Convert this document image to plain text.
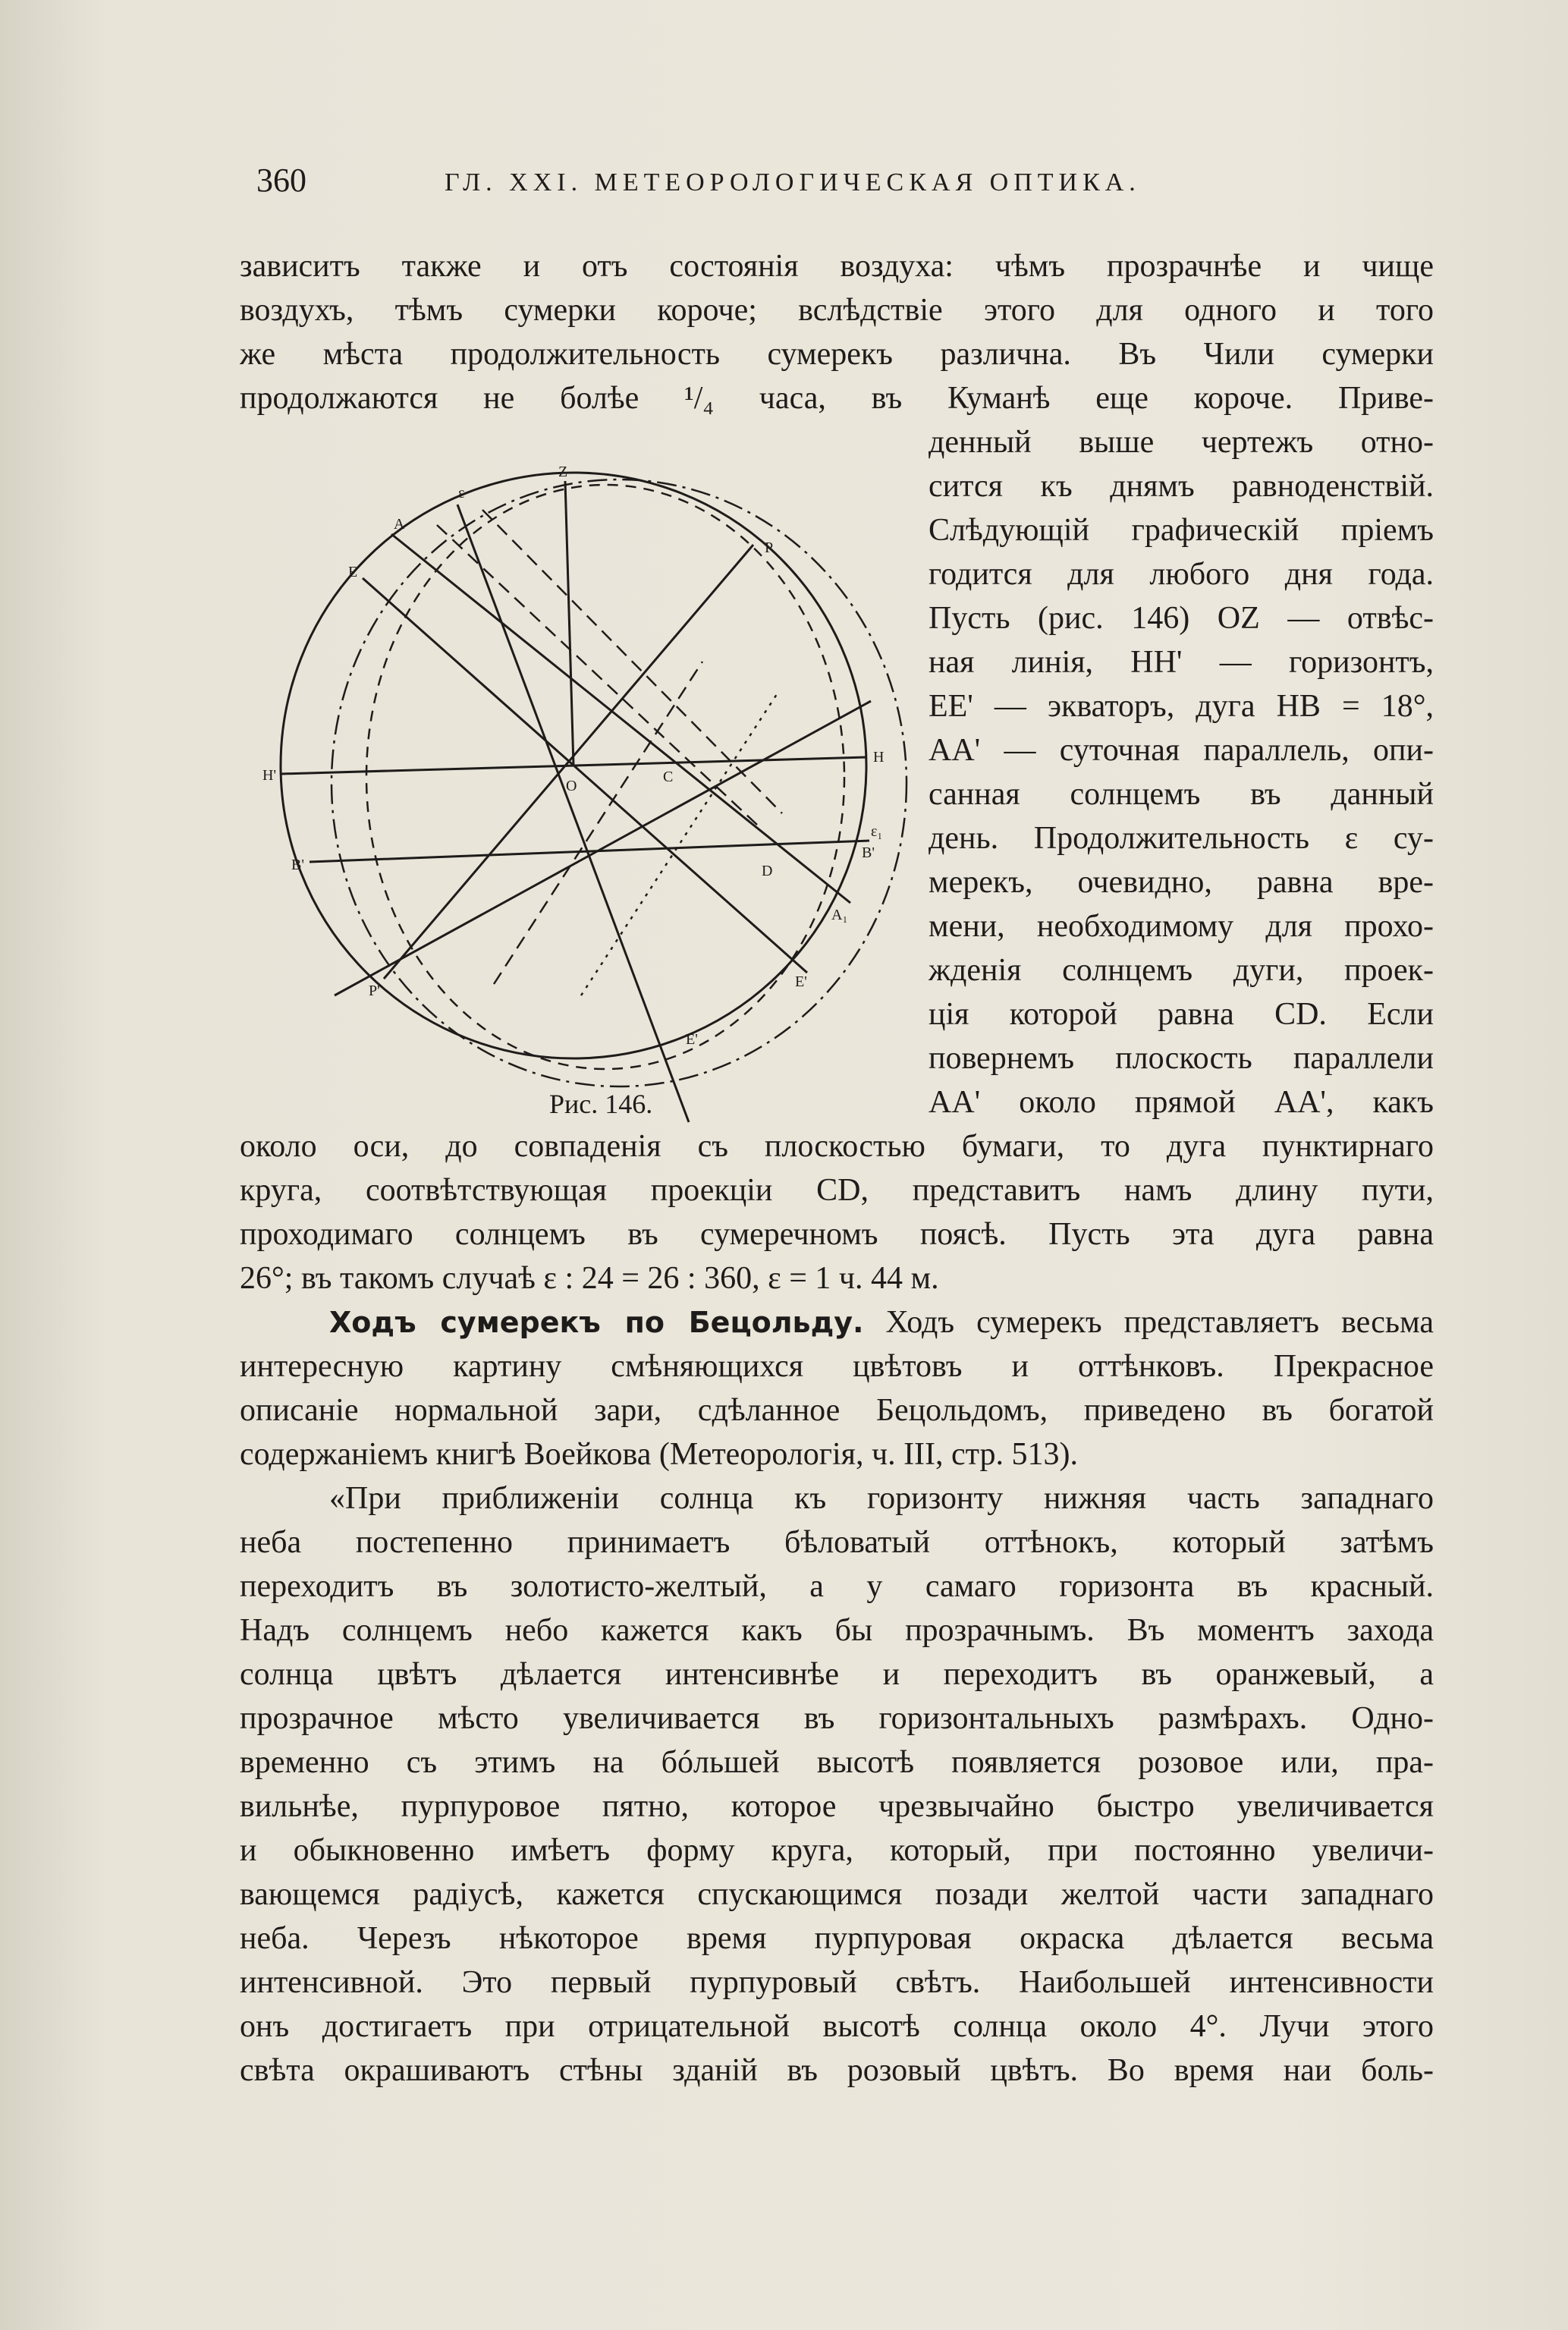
360	ГЛ. XXI. МЕТЕОРОЛОГИЧЕСКАЯ ОПТИКА.
Z
ε
A
E
P
H'
O
C
H
B'	D
ε₁
B'
A₁
E'
P'
E'
Рис. 146.
зависитъ также и отъ состоянія воздуха: чѣмъ прозрачнѣе и чище
воздухъ, тѣмъ сумерки короче; вслѣдствіе этого для одного и того
же мѣста продолжительность сумерекъ различна. Въ Чили сумерки
продолжаются не болѣе ¹/₄ часа, въ Куманѣ еще короче. Приве-
денный выше чертежъ отно-
сится къ днямъ равноденствій.
Слѣдующій графическій пріемъ
годится для любого дня года.
Пусть (рис. 146) OZ — отвѣс-
ная линія, HH' — горизонтъ,
EE' — экваторъ, дуга HB = 18°,
AA' — суточная параллель, опи-
санная солнцемъ въ данный
день. Продолжительность ε су-
мерекъ, очевидно, равна вре-
мени, необходимому для прохо-
жденія солнцемъ дуги, проек-
ція которой равна CD. Если
повернемъ плоскость параллели
AA' около прямой AA', какъ
около оси, до совпаденія съ плоскостью бумаги, то дуга пунктирнаго
круга, соотвѣтствующая проекціи CD, представитъ намъ длину пути,
проходимаго солнцемъ въ сумеречномъ поясѣ. Пусть эта дуга равна
26°; въ такомъ случаѣ ε : 24 = 26 : 360, ε = 1 ч. 44 м.
Ходъ сумерекъ по Бецольду. Ходъ сумерекъ представляетъ весьма
интересную картину смѣняющихся цвѣтовъ и оттѣнковъ. Прекрасное
описаніе нормальной зари, сдѣланное Бецольдомъ, приведено въ богатой
содержаніемъ книгѣ Воейкова (Метеорологія, ч. III, стр. 513).
«При приближеніи солнца къ горизонту нижняя часть западнаго
неба постепенно принимаетъ бѣловатый оттѣнокъ, который затѣмъ
переходитъ въ золотисто-желтый, а у самаго горизонта въ красный.
Надъ солнцемъ небо кажется какъ бы прозрачнымъ. Въ моментъ захода
солнца цвѣтъ дѣлается интенсивнѣе и переходитъ въ оранжевый, а
прозрачное мѣсто увеличивается въ горизонтальныхъ размѣрахъ. Одно-
временно съ этимъ на бóльшей высотѣ появляется розовое или, пра-
вильнѣе, пурпуровое пятно, которое чрезвычайно быстро увеличивается
и обыкновенно имѣетъ форму круга, который, при постоянно увеличи-
вающемся радіусѣ, кажется спускающимся позади желтой части западнаго
неба. Черезъ нѣкоторое время пурпуровая окраска дѣлается весьма
интенсивной. Это первый пурпуровый свѣтъ. Наибольшей интенсивности
онъ достигаетъ при отрицательной высотѣ солнца около 4°. Лучи этого
свѣта окрашиваютъ стѣны зданій въ розовый цвѣтъ. Во время наи боль-
